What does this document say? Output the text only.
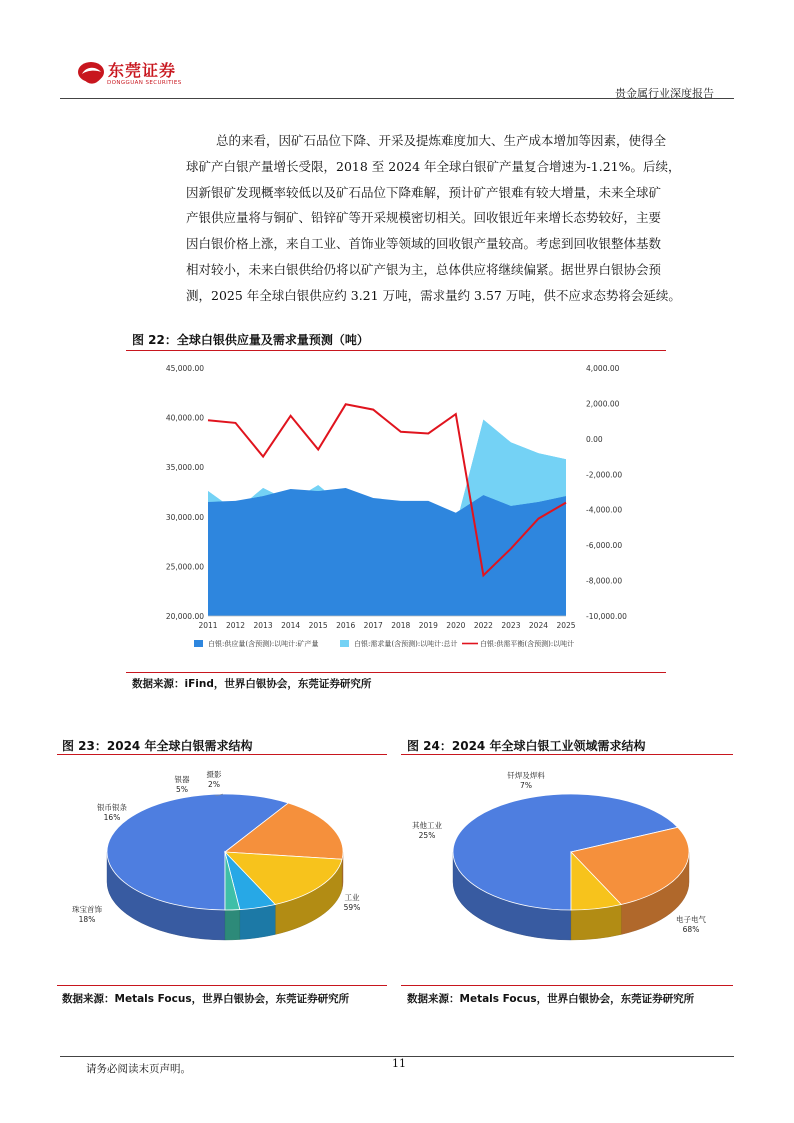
东莞证券
DONGGUAN SECURITIES
贵金属行业深度报告
总的来看，因矿石品位下降、开采及提炼难度加大、生产成本增加等因素，使得全
球矿产白银产量增长受限，2018 至 2024 年全球白银矿产量复合增速为-1.21%。后续，
因新银矿发现概率较低以及矿石品位下降难解，预计矿产银难有较大增量，未来全球矿
产银供应量将与铜矿、铅锌矿等开采规模密切相关。回收银近年来增长态势较好，主要
因白银价格上涨，来自工业、首饰业等领域的回收银产量较高。考虑到回收银整体基数
相对较小，未来白银供给仍将以矿产银为主，总体供应将继续偏紧。据世界白银协会预
测，2025 年全球白银供应约 3.21 万吨，需求量约 3.57 万吨，供不应求态势将会延续。
图 22：全球白银供应量及需求量预测（吨）
45,000.00
40,000.00
35,000.00
30,000.00
25,000.00
20,000.00
4,000.00
2,000.00
0.00
-2,000.00
-4,000.00
-6,000.00
-8,000.00
-10,000.00
2011 2012 2013 2014 2015 2016 2017 2018 2019 2020 2022 2023 2024 2025
白银:供应量(含预测):以吨计:矿产量	白银:需求量(含预测):以吨计:总计	白银:供需平衡(含预测):以吨计
数据来源：iFind，世界白银协会，东莞证券研究所
图 23：2024 年全球白银需求结构
工业
59%
珠宝首饰
18%
银币银条
16%
银器
5%
摄影
2%
数据来源：Metals Focus，世界白银协会，东莞证券研究所
图 24：2024 年全球白银工业领域需求结构
电子电气
68%
其他工业
25%
钎焊及焊料
7%
数据来源：Metals Focus，世界白银协会，东莞证券研究所
请务必阅读末页声明。	11
